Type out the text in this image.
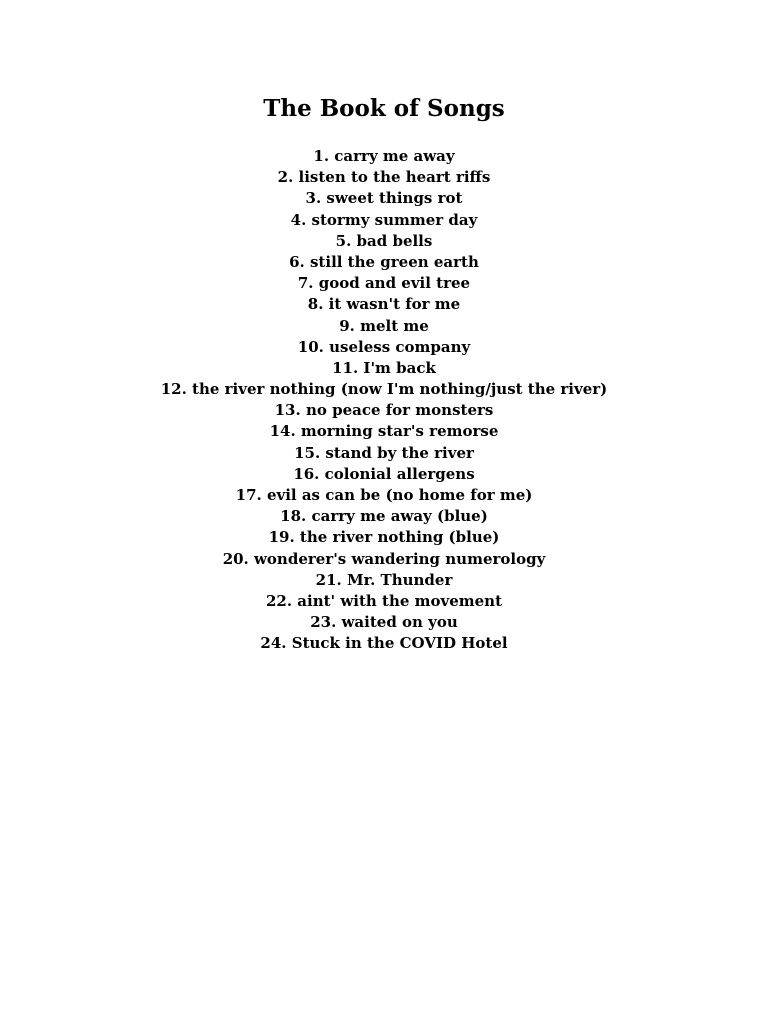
The Book of Songs
1. carry me away
2. listen to the heart riffs
3. sweet things rot
4. stormy summer day
5. bad bells
6. still the green earth
7. good and evil tree
8. it wasn't for me
9. melt me
10. useless company
11. I'm back
12. the river nothing (now I'm nothing/just the river)
13. no peace for monsters
14. morning star's remorse
15. stand by the river
16. colonial allergens
17. evil as can be (no home for me)
18. carry me away (blue)
19. the river nothing (blue)
20. wonderer's wandering numerology
21. Mr. Thunder
22. aint' with the movement
23. waited on you
24. Stuck in the COVID Hotel
